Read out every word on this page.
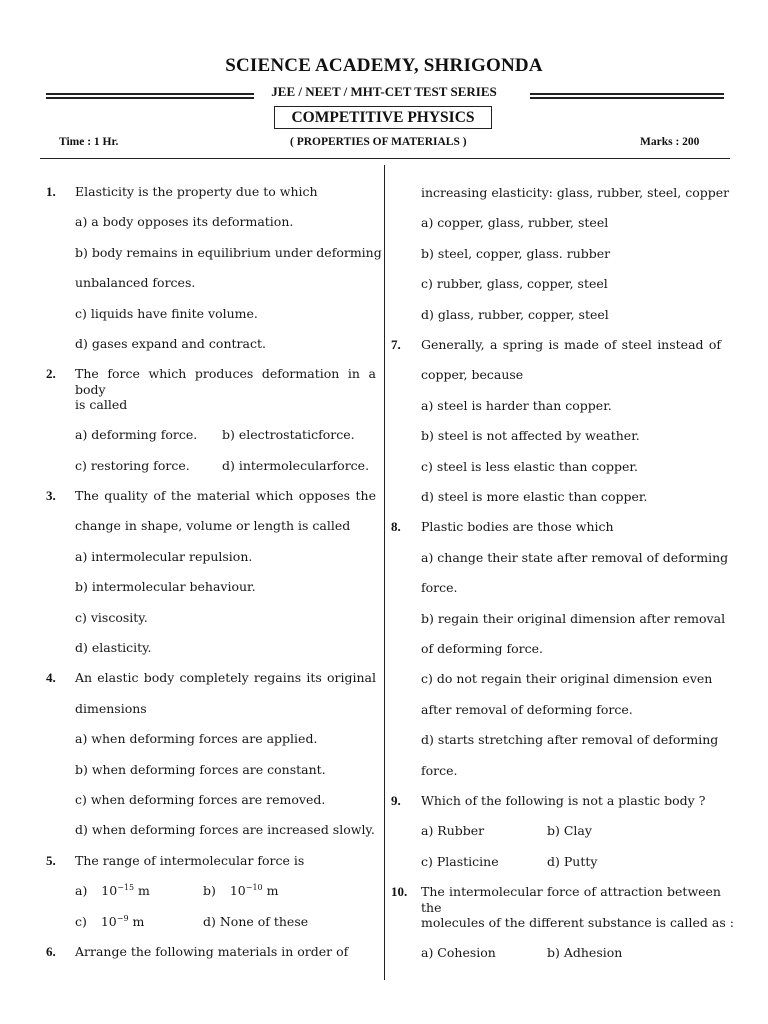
SCIENCE ACADEMY, SHRIGONDA
JEE / NEET / MHT-CET TEST SERIES
COMPETITIVE PHYSICS
Time : 1 Hr.	( PROPERTIES OF MATERIALS )	Marks : 200
1. Elasticity is the property due to which
a) a body opposes its deformation.
b) body remains in equilibrium under deforming
unbalanced forces.
c) liquids have finite volume.
d) gases expand and contract.
2. The force which produces deformation in a body
is called
a) deforming force. b) electrostaticforce.
c) restoring force.	d) intermolecularforce.
3. The quality of the material which opposes the
change in shape, volume or length is called
a) intermolecular repulsion.
b) intermolecular behaviour.
c) viscosity.
d) elasticity.
4. An elastic body completely regains its original
dimensions
a) when deforming forces are applied.
b) when deforming forces are constant.
c) when deforming forces are removed.
d) when deforming forces are increased slowly.
5. The range of intermolecular force is
a)  $10^{-15}$ m	b)  $10^{-10}$ m
c)  $10^{-9}$ m	d) None of these
6. Arrange the following materials in order of
increasing elasticity: glass, rubber, steel, copper
a) copper, glass, rubber, steel
b) steel, copper, glass. rubber
c) rubber, glass, copper, steel
d) glass, rubber, copper, steel
7. Generally, a spring is made of steel instead of
copper, because
a) steel is harder than copper.
b) steel is not affected by weather.
c) steel is less elastic than copper.
d) steel is more elastic than copper.
8. Plastic bodies are those which
a) change their state after removal of deforming
force.
b) regain their original dimension after removal
of deforming force.
c) do not regain their original dimension even
after removal of deforming force.
d) starts stretching after removal of deforming
force.
9. Which of the following is not a plastic body ?
a) Rubber	b) Clay
c) Plasticine	d) Putty
10. The intermolecular force of attraction between the
molecules of the different substance is called as :
a) Cohesion	b) Adhesion
